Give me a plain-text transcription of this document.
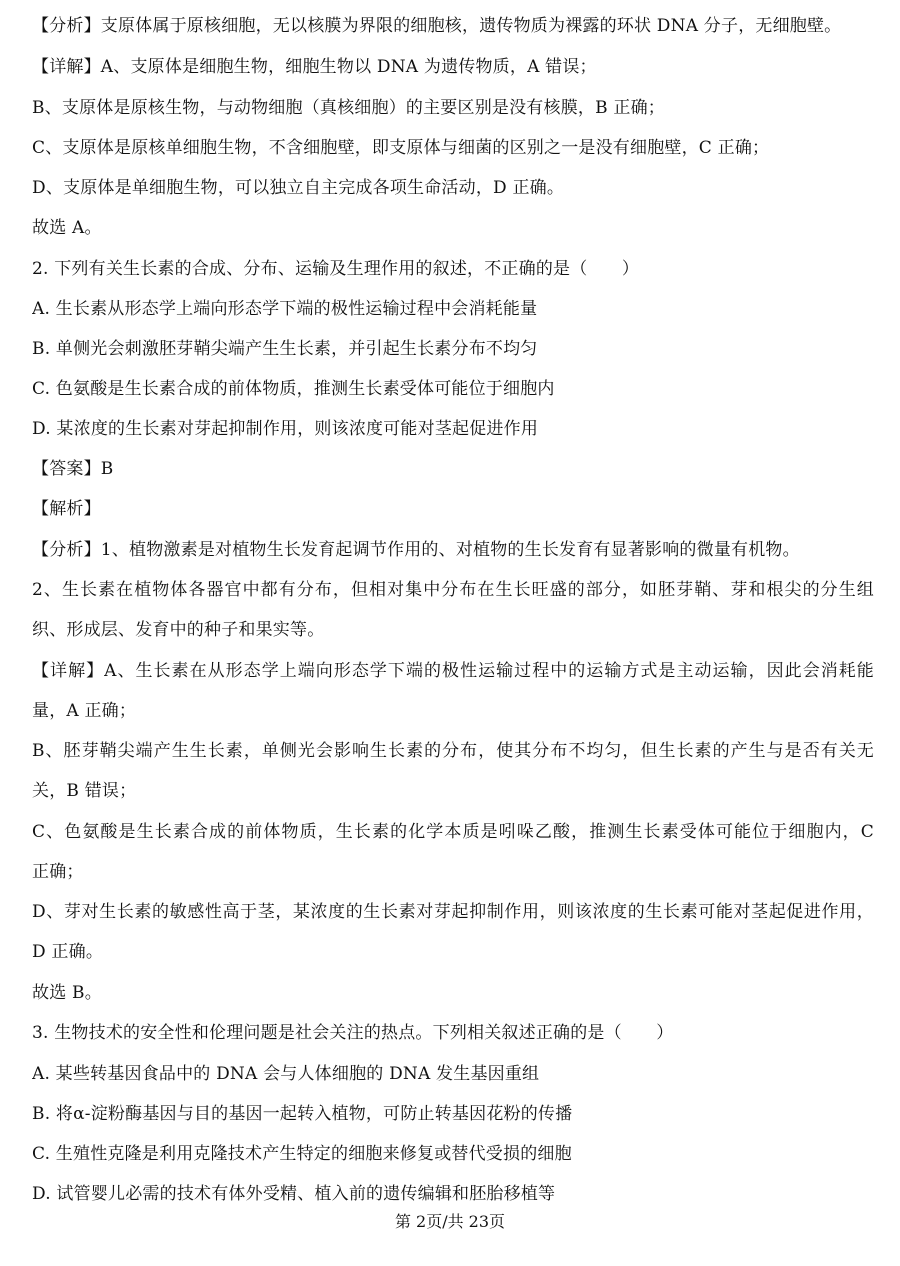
【分析】支原体属于原核细胞，无以核膜为界限的细胞核，遗传物质为裸露的环状 DNA 分子，无细胞壁。
【详解】A、支原体是细胞生物，细胞生物以 DNA 为遗传物质，A 错误；
B、支原体是原核生物，与动物细胞（真核细胞）的主要区别是没有核膜，B 正确；
C、支原体是原核单细胞生物，不含细胞壁，即支原体与细菌的区别之一是没有细胞壁，C 正确；
D、支原体是单细胞生物，可以独立自主完成各项生命活动，D 正确。
故选 A。
2. 下列有关生长素的合成、分布、运输及生理作用的叙述，不正确的是（　　）
A. 生长素从形态学上端向形态学下端的极性运输过程中会消耗能量
B. 单侧光会刺激胚芽鞘尖端产生生长素，并引起生长素分布不均匀
C. 色氨酸是生长素合成的前体物质，推测生长素受体可能位于细胞内
D. 某浓度的生长素对芽起抑制作用，则该浓度可能对茎起促进作用
【答案】B
【解析】
【分析】1、植物激素是对植物生长发育起调节作用的、对植物的生长发育有显著影响的微量有机物。
2、生长素在植物体各器官中都有分布，但相对集中分布在生长旺盛的部分，如胚芽鞘、芽和根尖的分生组
织、形成层、发育中的种子和果实等。
【详解】A、生长素在从形态学上端向形态学下端的极性运输过程中的运输方式是主动运输，因此会消耗能
量，A 正确；
B、胚芽鞘尖端产生生长素，单侧光会影响生长素的分布，使其分布不均匀，但生长素的产生与是否有关无
关，B 错误；
C、色氨酸是生长素合成的前体物质，生长素的化学本质是吲哚乙酸，推测生长素受体可能位于细胞内，C
正确；
D、芽对生长素的敏感性高于茎，某浓度的生长素对芽起抑制作用，则该浓度的生长素可能对茎起促进作用，
D 正确。
故选 B。
3. 生物技术的安全性和伦理问题是社会关注的热点。下列相关叙述正确的是（　　）
A. 某些转基因食品中的 DNA 会与人体细胞的 DNA 发生基因重组
B. 将α-淀粉酶基因与目的基因一起转入植物，可防止转基因花粉的传播
C. 生殖性克隆是利用克隆技术产生特定的细胞来修复或替代受损的细胞
D. 试管婴儿必需的技术有体外受精、植入前的遗传编辑和胚胎移植等
第 2页/共 23页
